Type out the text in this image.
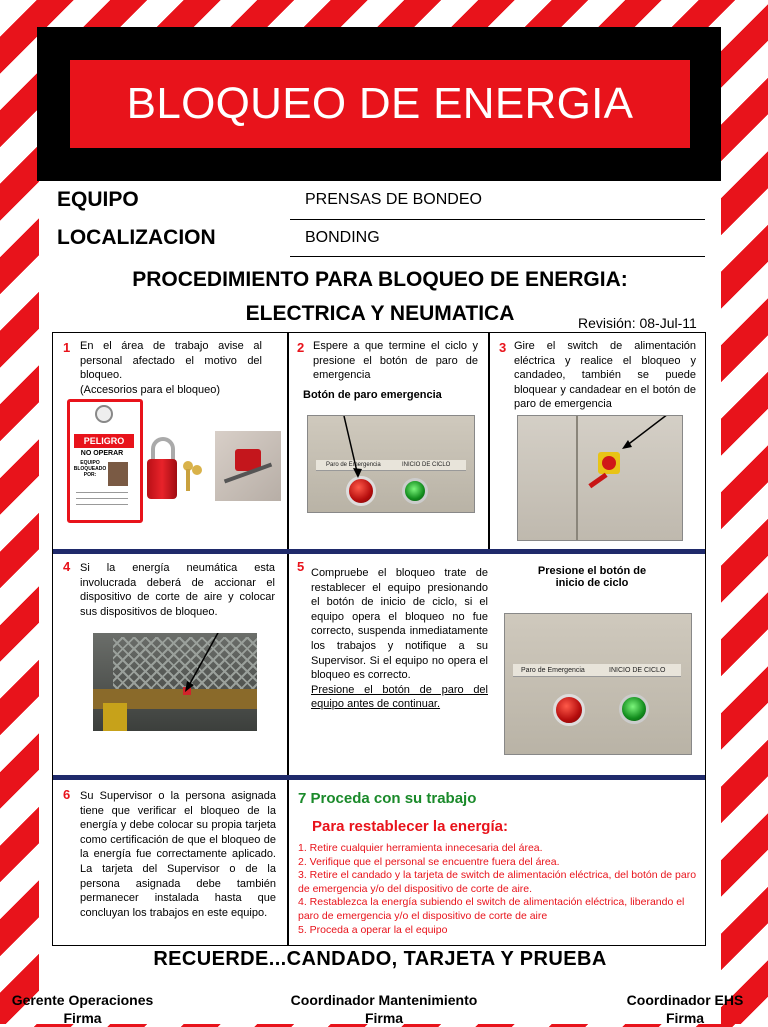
BLOQUEO DE ENERGIA
EQUIPO	PRENSAS DE BONDEO
LOCALIZACION	BONDING
PROCEDIMIENTO PARA BLOQUEO DE ENERGIA:
ELECTRICA Y NEUMATICA	Revisión: 08-Jul-11
1 En el área de trabajo avise al personal afectado el motivo del bloqueo.
(Accesorios para el bloqueo)
PELIGRO
NO OPERAR
EQUIPO
BLOQUEADO
POR:
2 Espere a que termine el ciclo y presione el botón de paro de emergencia
Botón de paro emergencia
Paro de Emergencia	INICIO DE CICLO
3 Gire el switch de alimentación eléctrica y realice el bloqueo y candadeo, también se puede bloquear y candadear en el botón de paro de emergencia
4 Si la energía neumática esta involucrada deberá de accionar el dispositivo de corte de aire y colocar sus dispositivos de bloqueo.
5 Compruebe el bloqueo trate de restablecer el equipo presionando el botón de inicio de ciclo, si el equipo opera el bloqueo no fue correcto, suspenda inmediatamente los trabajos y notifique a su Supervisor. Si el equipo no opera el bloqueo es correcto.
Presione el botón de paro del equipo antes de continuar.
Presione el botón de inicio de ciclo
Paro de Emergencia	INICIO DE CICLO
6 Su Supervisor o la persona asignada tiene que verificar el bloqueo de la energía y debe colocar su propia tarjeta como certificación de que el bloqueo de la energía fue correctamente aplicado. La tarjeta del Supervisor o de la persona asignada debe también permanecer instalada hasta que concluyan los trabajos en este equipo.
7 Proceda con su trabajo
Para restablecer la energía:
1. Retire cualquier herramienta innecesaria del área.
2. Verifique que el personal se encuentre fuera del área.
3. Retire el candado y la tarjeta de switch de alimentación eléctrica, del botón de paro de emergencia y/o del dispositivo de corte de aire.
4. Restablezca la energía subiendo el switch de alimentación eléctrica, liberando el paro de emergencia y/o el dispositivo de corte de aire
5. Proceda a operar la el equipo
RECUERDE...CANDADO, TARJETA Y PRUEBA
Gerente Operaciones
Firma
Coordinador Mantenimiento
Firma
Coordinador EHS
Firma
